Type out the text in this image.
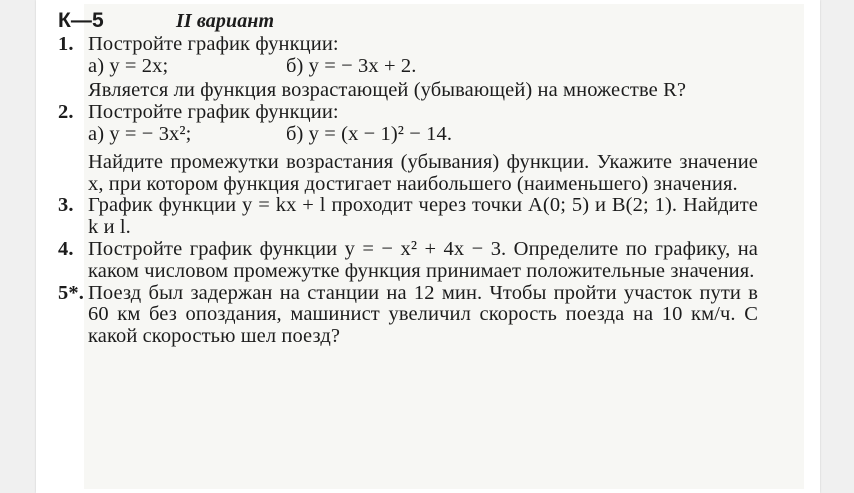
К—5	II вариант
1. Постройте график функции:

а) y = 2x;	б) y = − 3x + 2.

Является ли функция возрастающей (убывающей) на множестве R?

2. Постройте график функции:

а) y = − 3x²;	б) y = (x − 1)² − 14.

Найдите промежутки возрастания (убывания) функции. Укажите значение x, при котором функция достигает наибольшего (наименьшего) значения.

3. График функции y = kx + l проходит через точки A(0; 5) и B(2; 1). Найдите k и l.

4. Постройте график функции y = − x² + 4x − 3. Определите по графику, на каком числовом промежутке функция принимает положительные значения.

5*. Поезд был задержан на станции на 12 мин. Чтобы пройти участок пути в 60 км без опоздания, машинист увеличил скорость поезда на 10 км/ч. С какой скоростью шел поезд?
